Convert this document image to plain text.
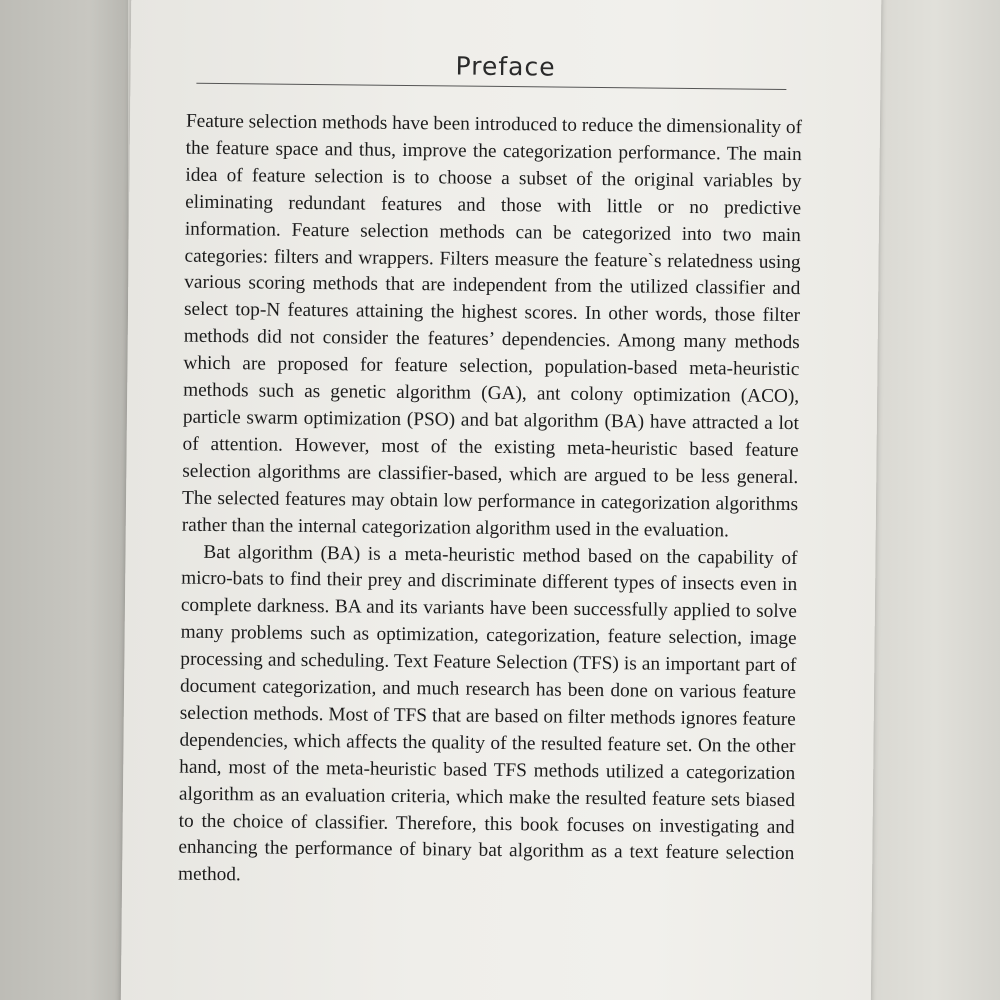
Preface

Feature selection methods have been introduced to reduce the dimensionality of the feature space and thus, improve the categorization performance. The main idea of feature selection is to choose a subset of the original variables by eliminating redundant features and those with little or no predictive information. Feature selection methods can be categorized into two main categories: filters and wrappers. Filters measure the feature`s relatedness using various scoring methods that are independent from the utilized classifier and select top-N features attaining the highest scores. In other words, those filter methods did not consider the features’ dependencies. Among many methods which are proposed for feature selection, population-based meta-heuristic methods such as genetic algorithm (GA), ant colony optimization (ACO), particle swarm optimization (PSO) and bat algorithm (BA) have attracted a lot of attention. However, most of the existing meta-heuristic based feature selection algorithms are classifier-based, which are argued to be less general. The selected features may obtain low performance in categorization algorithms rather than the internal categorization algorithm used in the evaluation.

Bat algorithm (BA) is a meta-heuristic method based on the capability of micro-bats to find their prey and discriminate different types of insects even in complete darkness. BA and its variants have been successfully applied to solve many problems such as optimization, categorization, feature selection, image processing and scheduling. Text Feature Selection (TFS) is an important part of document categorization, and much research has been done on various feature selection methods. Most of TFS that are based on filter methods ignores feature dependencies, which affects the quality of the resulted feature set. On the other hand, most of the meta-heuristic based TFS methods utilized a categorization algorithm as an evaluation criteria, which make the resulted feature sets biased to the choice of classifier. Therefore, this book focuses on investigating and enhancing the performance of binary bat algorithm as a text feature selection method.
